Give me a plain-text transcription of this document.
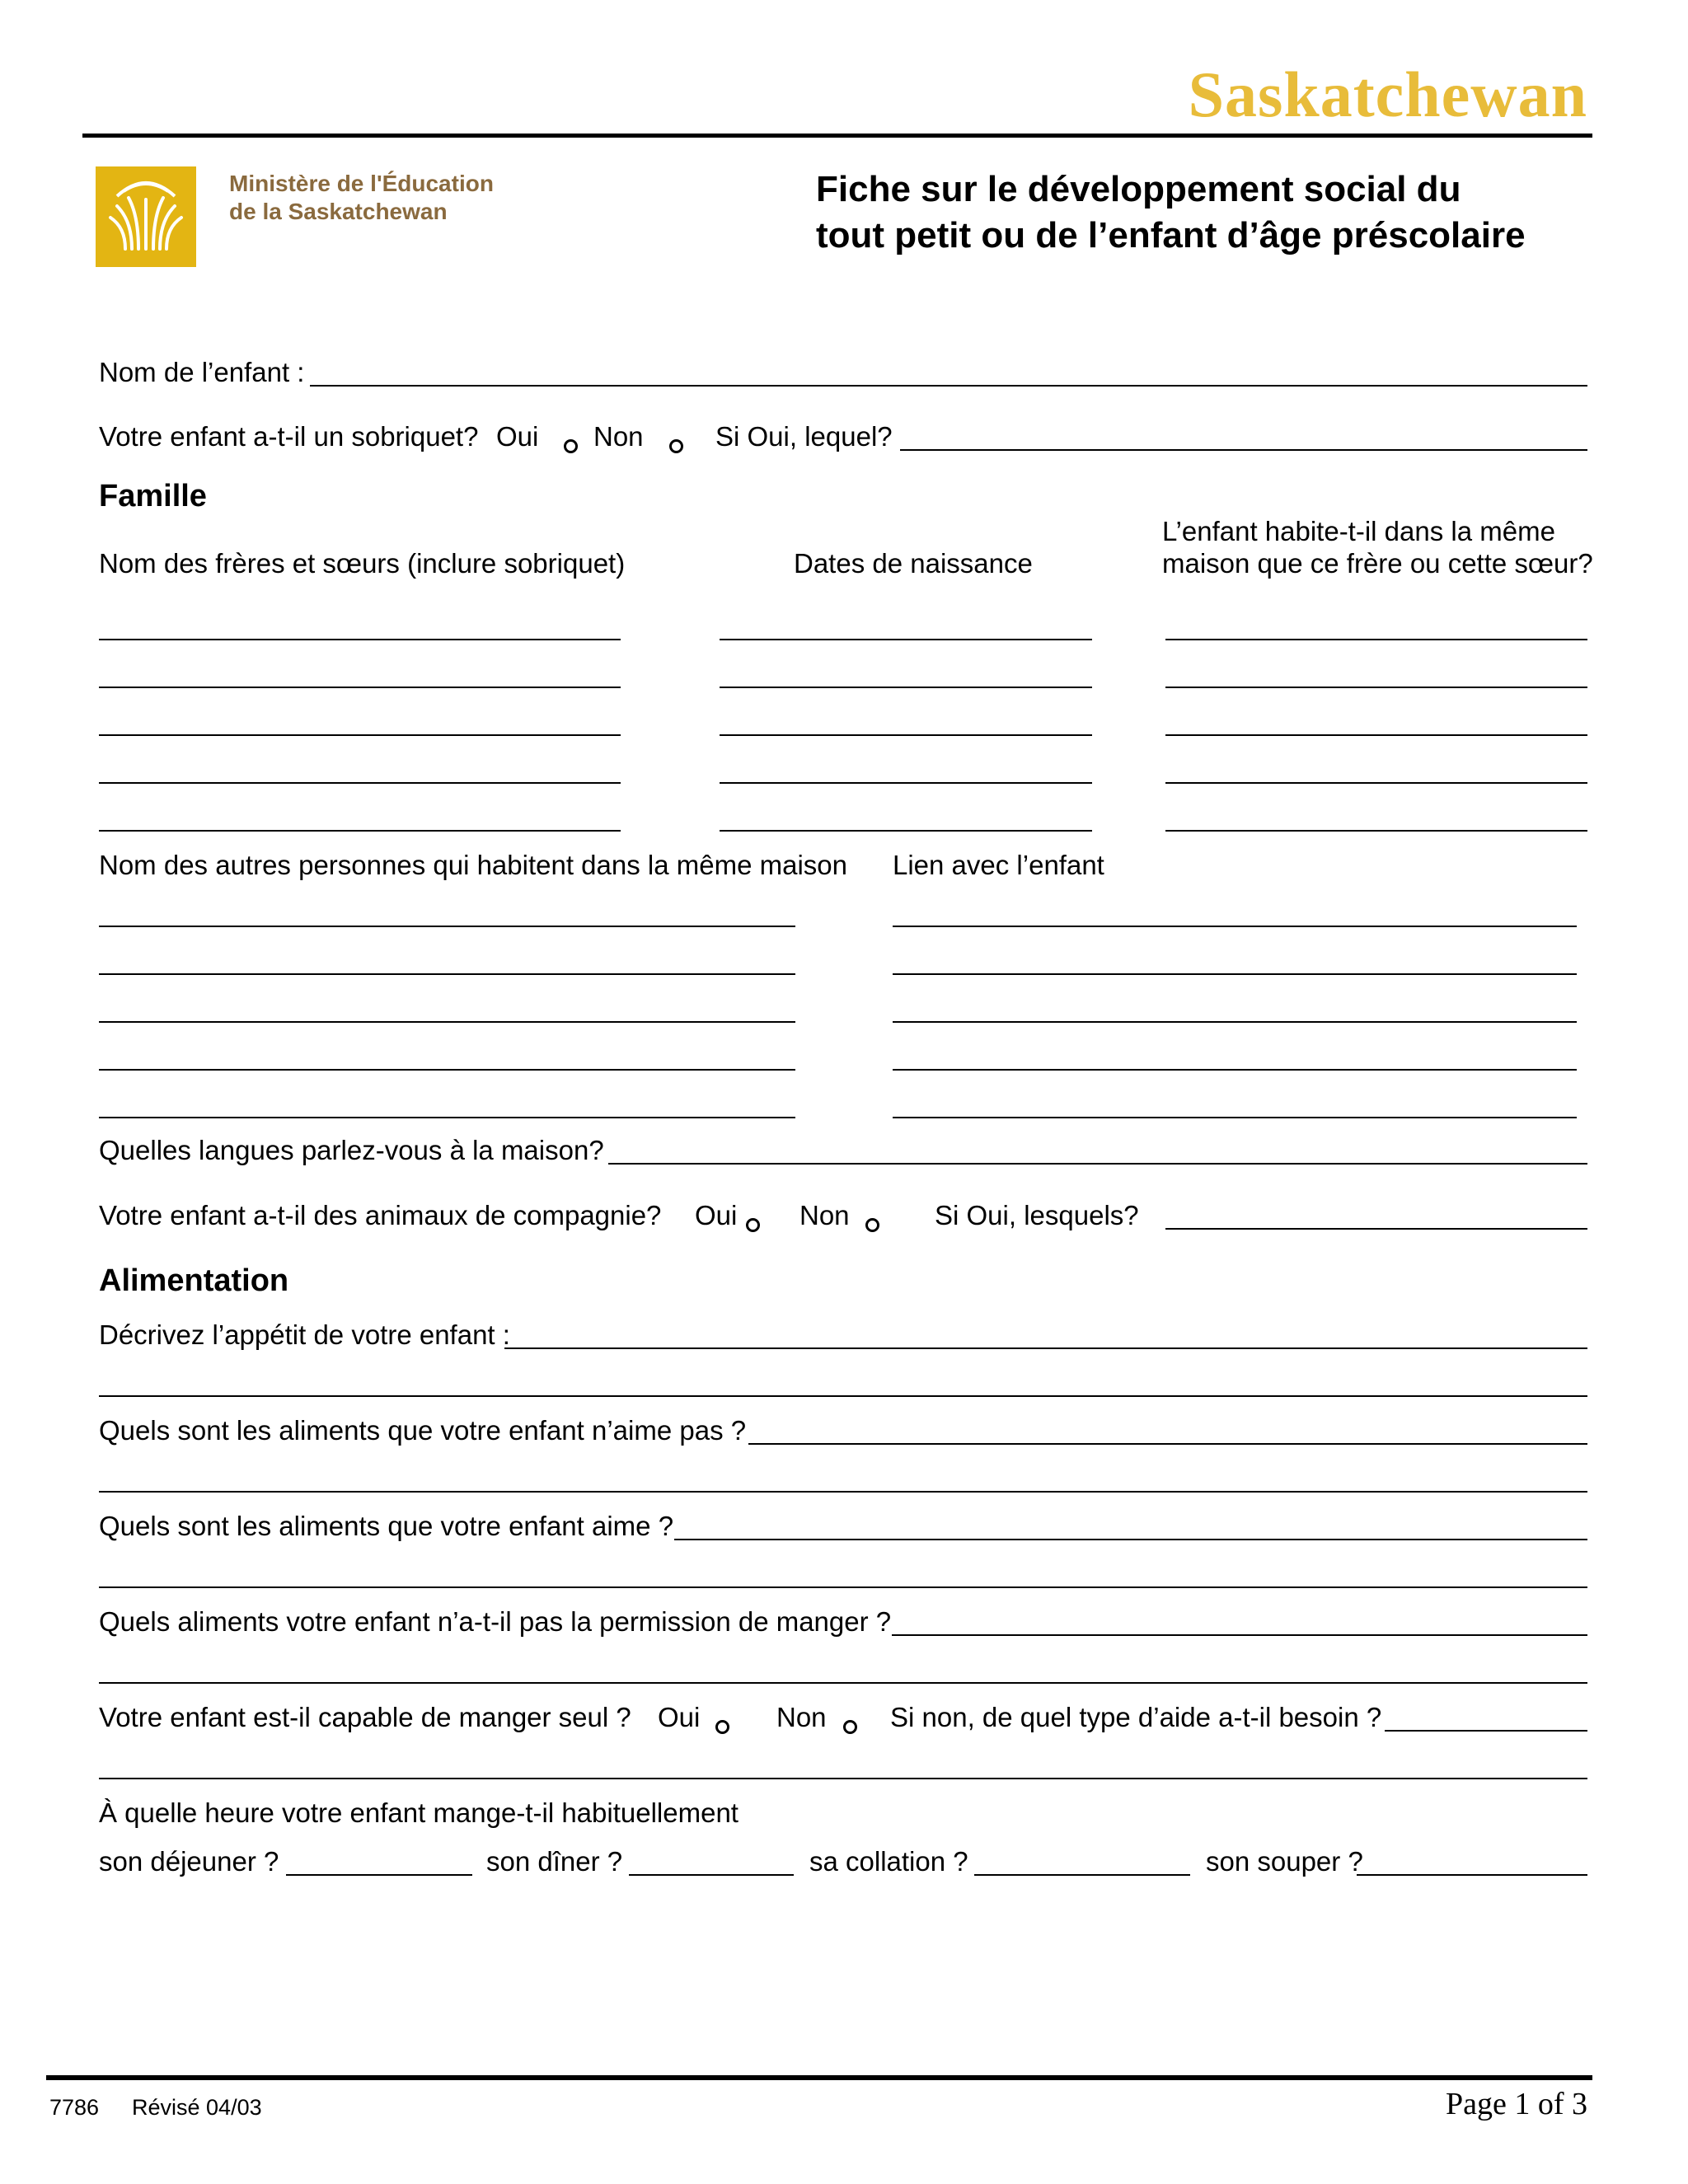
Saskatchewan
Ministère de l'Éducation
de la Saskatchewan
Fiche sur le développement social du
tout petit ou de l’enfant d’âge préscolaire
Nom de l’enfant :
Votre enfant a-t-il un sobriquet? Oui Non	Si Oui, lequel?
Famille
Nom des frères et sœurs (inclure sobriquet)	Dates de naissance
L’enfant habite-t-il dans la même
maison que ce frère ou cette sœur?
Nom des autres personnes qui habitent dans la même maison Lien avec l’enfant
Quelles langues parlez-vous à la maison?
Votre enfant a-t-il des animaux de compagnie? Oui Non	Si Oui, lesquels?
Alimentation
Décrivez l’appétit de votre enfant :
Quels sont les aliments que votre enfant n’aime pas ?
Quels sont les aliments que votre enfant aime ?
Quels aliments votre enfant n’a-t-il pas la permission de manger ?
Votre enfant est-il capable de manger seul ? Oui	Non Si non, de quel type d’aide a-t-il besoin ?
À quelle heure votre enfant mange-t-il habituellement
son déjeuner ?	son dîner ?	sa collation ?	son souper ?
7786 Révisé 04/03	Page 1 of 3
